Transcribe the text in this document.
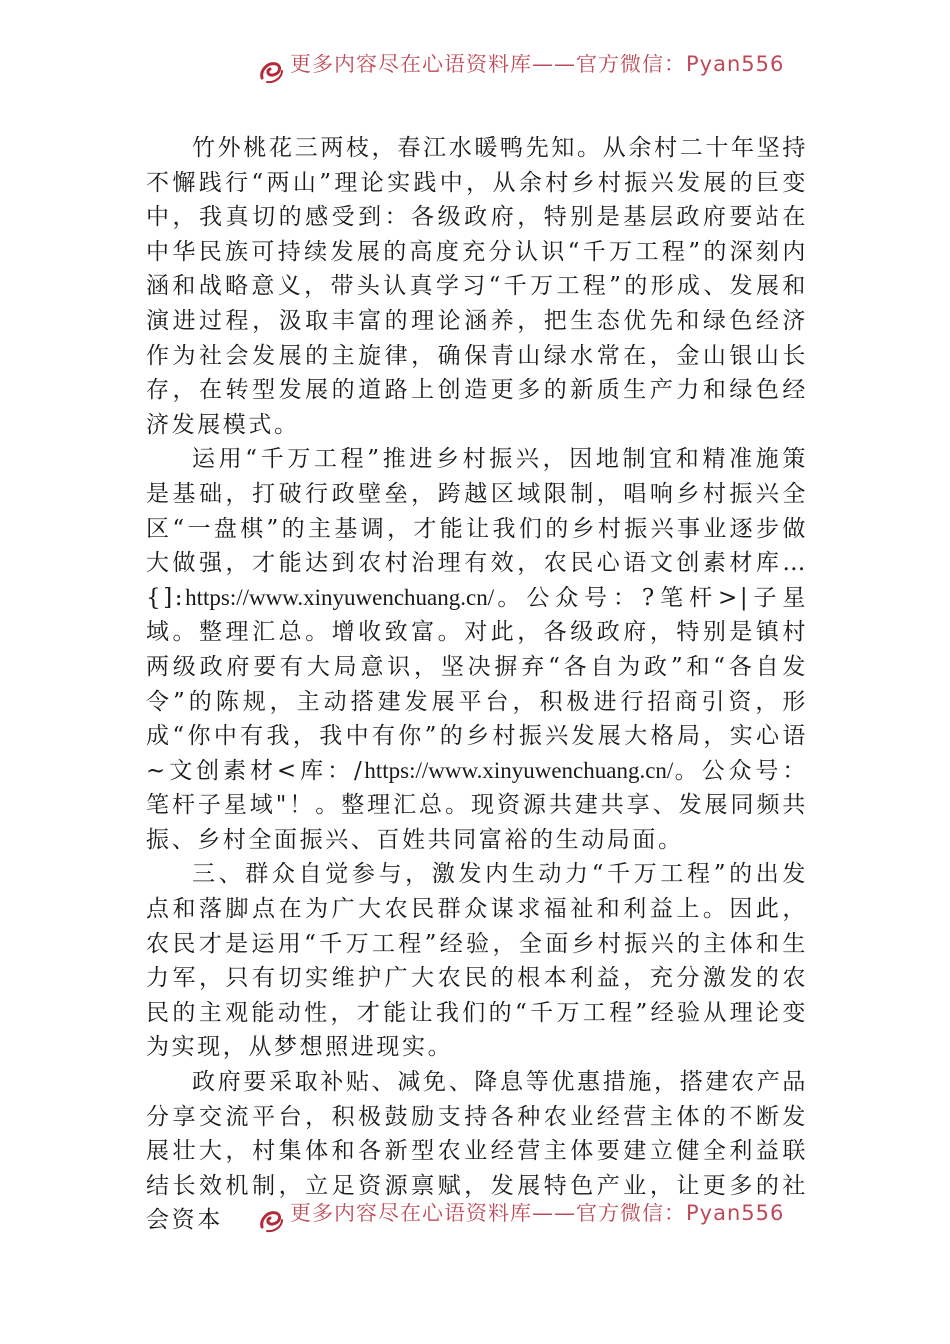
更多内容尽在心语资料库——官方微信：Pyan556

竹外桃花三两枝，春江水暖鸭先知。从余村二十年坚持不懈践行“两山”理论实践中，从余村乡村振兴发展的巨变中，我真切的感受到：各级政府，特别是基层政府要站在中华民族可持续发展的高度充分认识“千万工程”的深刻内涵和战略意义，带头认真学习“千万工程”的形成、发展和演进过程，汲取丰富的理论涵养，把生态优先和绿色经济作为社会发展的主旋律，确保青山绿水常在，金山银山长存，在转型发展的道路上创造更多的新质生产力和绿色经济发展模式。

运用“千万工程”推进乡村振兴，因地制宜和精准施策是基础，打破行政壁垒，跨越区域限制，唱响乡村振兴全区“一盘棋”的主基调，才能让我们的乡村振兴事业逐步做大做强，才能达到农村治理有效，农民心语文创素材库…{]:https://www.xinyuwenchuang.cn/。公众号：?笔杆>|子星域。整理汇总。增收致富。对此，各级政府，特别是镇村两级政府要有大局意识，坚决摒弃“各自为政”和“各自发令”的陈规，主动搭建发展平台，积极进行招商引资，形成“你中有我，我中有你”的乡村振兴发展大格局，实心语~文创素材<库：/https://www.xinyuwenchuang.cn/。公众号：笔杆子星域"！。整理汇总。现资源共建共享、发展同频共振、乡村全面振兴、百姓共同富裕的生动局面。

三、群众自觉参与，激发内生动力“千万工程”的出发点和落脚点在为广大农民群众谋求福祉和利益上。因此，农民才是运用“千万工程”经验，全面乡村振兴的主体和生力军，只有切实维护广大农民的根本利益，充分激发的农民的主观能动性，才能让我们的“千万工程”经验从理论变为实现，从梦想照进现实。

政府要采取补贴、减免、降息等优惠措施，搭建农产品分享交流平台，积极鼓励支持各种农业经营主体的不断发展壮大，村集体和各新型农业经营主体要建立健全利益联结长效机制，立足资源禀赋，发展特色产业，让更多的社会资本	更多内容尽在心语资料库——官方微信：Pyan556
